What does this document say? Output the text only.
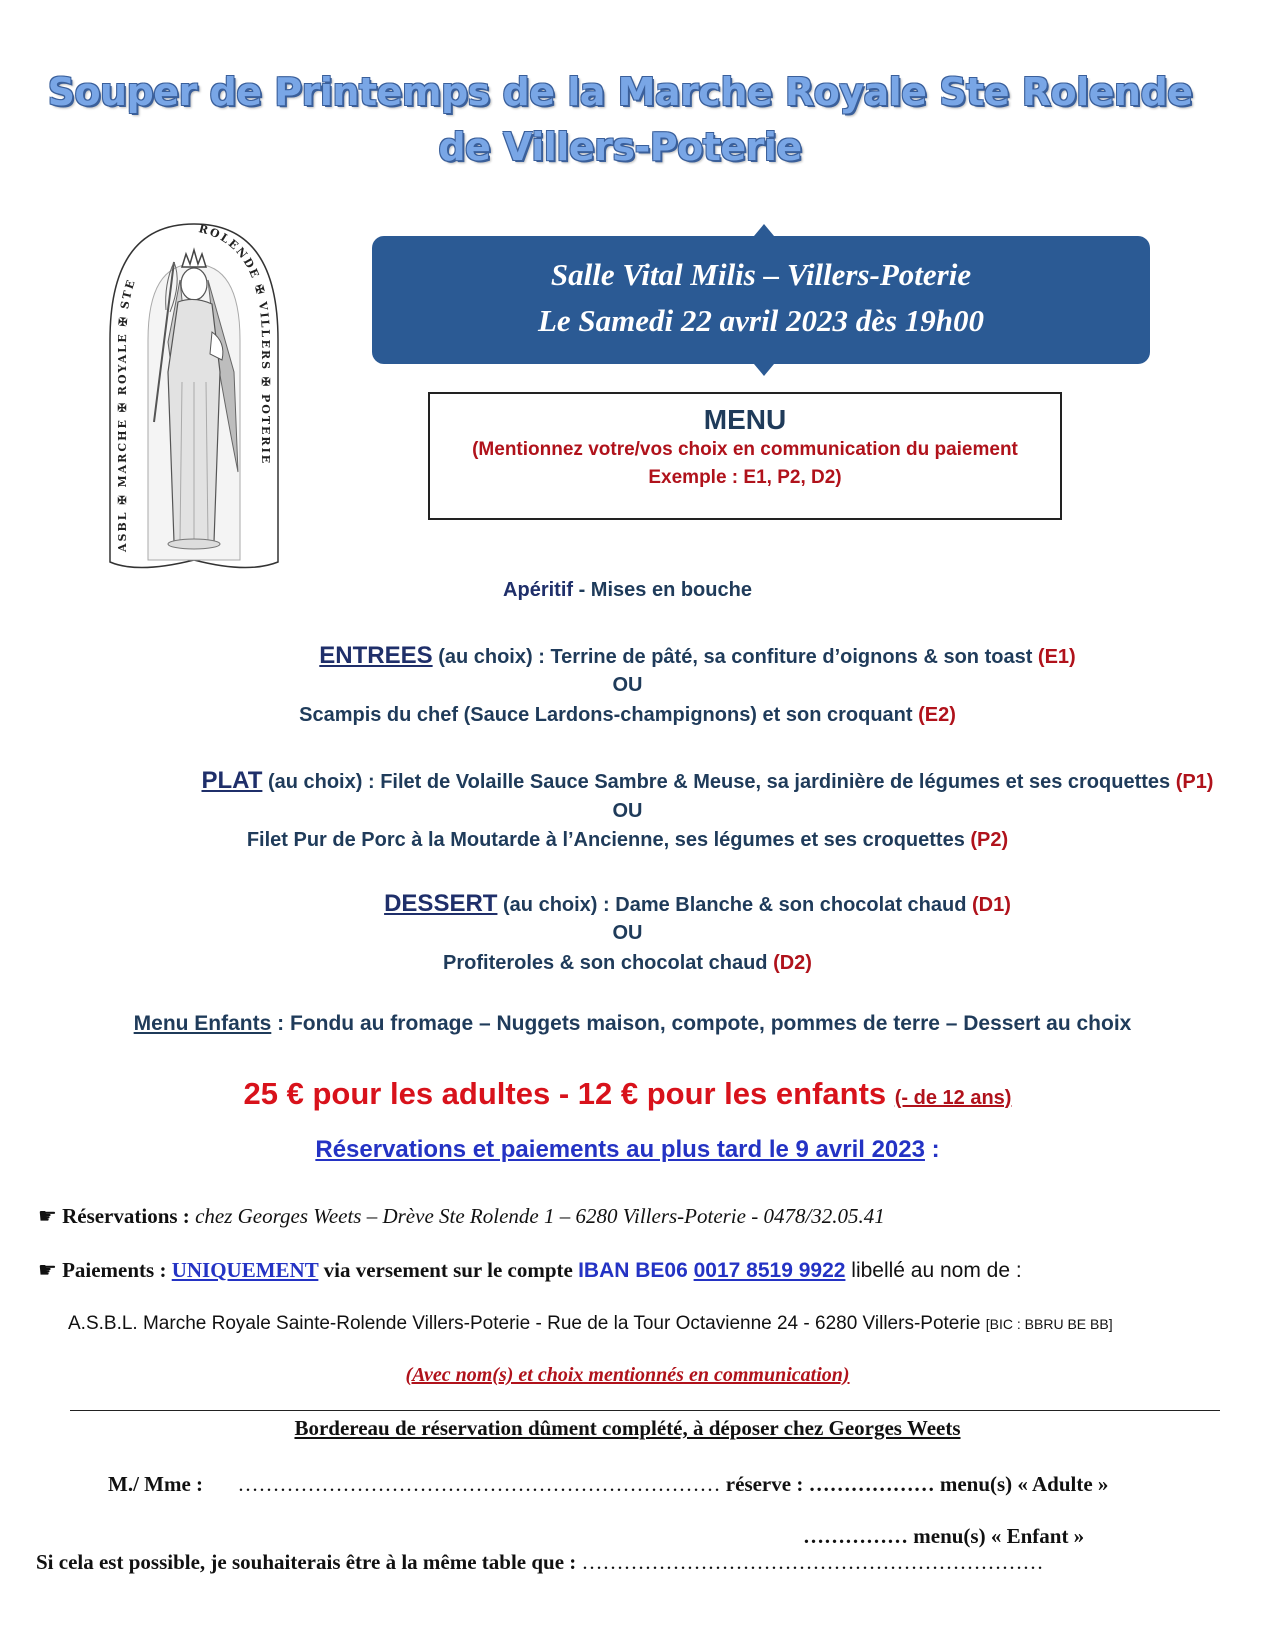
Souper de Printemps de la Marche Royale Ste Rolende
de Villers-Poterie
ASBL ✠ MARCHE ✠ ROYALE ✠ STE
ROLENDE ✠ VILLERS ✠ POTERIE
Salle Vital Milis – Villers-Poterie
Le Samedi 22 avril 2023 dès 19h00
MENU
(Mentionnez votre/vos choix en communication du paiement
Exemple : E1, P2, D2)
Apéritif - Mises en bouche
ENTREES (au choix) : Terrine de pâté, sa confiture d’oignons & son toast (E1)
OU
Scampis du chef (Sauce Lardons-champignons) et son croquant (E2)
PLAT (au choix) : Filet de Volaille Sauce Sambre & Meuse, sa jardinière de légumes et ses croquettes (P1)
OU
Filet Pur de Porc à la Moutarde à l’Ancienne, ses légumes et ses croquettes (P2)
DESSERT (au choix) : Dame Blanche & son chocolat chaud (D1)
OU
Profiteroles & son chocolat chaud (D2)
Menu Enfants : Fondu au fromage – Nuggets maison, compote, pommes de terre – Dessert au choix
25 € pour les adultes - 12 € pour les enfants (- de 12 ans)
Réservations et paiements au plus tard le 9 avril 2023 :
☛ Réservations : chez Georges Weets – Drève Ste Rolende 1 – 6280 Villers-Poterie - 0478/32.05.41
☛ Paiements : UNIQUEMENT via versement sur le compte IBAN BE06 0017 8519 9922 libellé au nom de :
A.S.B.L. Marche Royale Sainte-Rolende Villers-Poterie - Rue de la Tour Octavienne 24 - 6280 Villers-Poterie [BIC : BBRU BE BB]
(Avec nom(s) et choix mentionnés en communication)
Bordereau de réservation dûment complété, à déposer chez Georges Weets
M./ Mme : …………………………………………………………… réserve : ……………… menu(s) « Adulte »
…………… menu(s) « Enfant »
Si cela est possible, je souhaiterais être à la même table que : …………………………………………………………
